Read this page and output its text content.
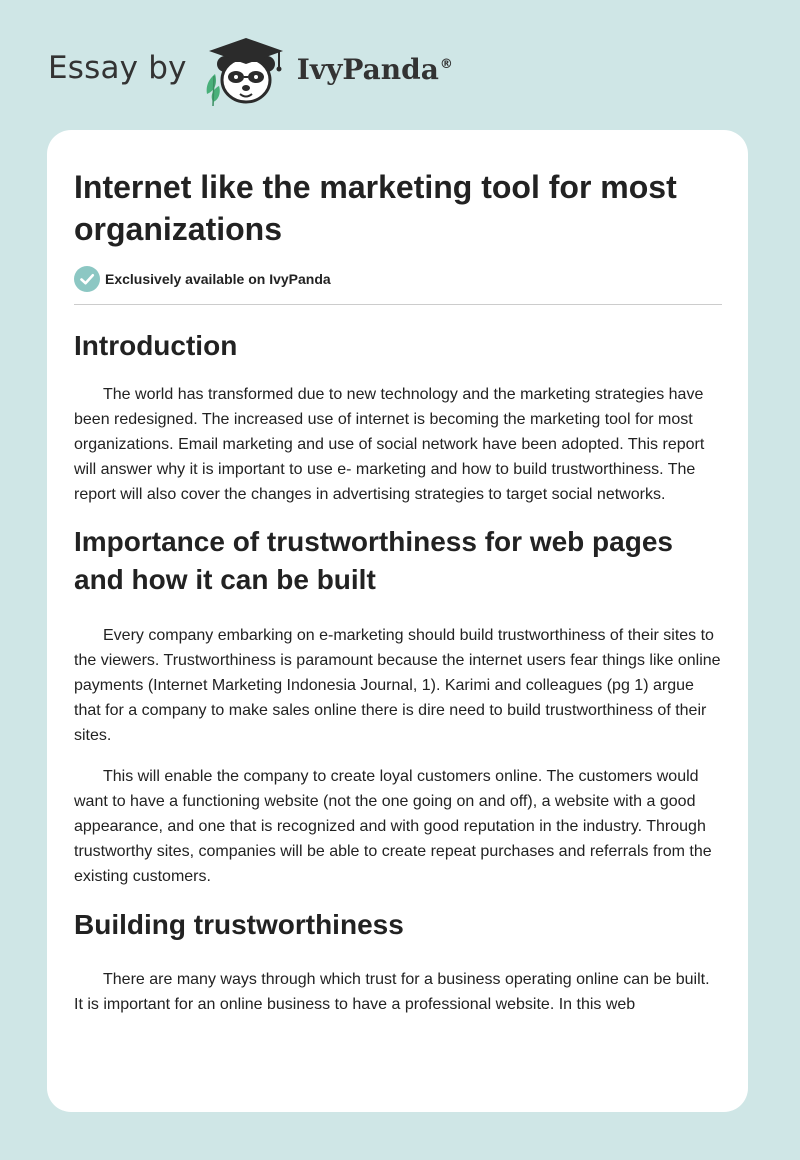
Essay by	IvyPanda®
Internet like the marketing tool for most organizations
Exclusively available on IvyPanda
Introduction

The world has transformed due to new technology and the marketing strategies have been redesigned. The increased use of internet is becoming the marketing tool for most organizations. Email marketing and use of social network have been adopted. This report will answer why it is important to use e- marketing and how to build trustworthiness. The report will also cover the changes in advertising strategies to target social networks.

Importance of trustworthiness for web pages and how it can be built

Every company embarking on e-marketing should build trustworthiness of their sites to the viewers. Trustworthiness is paramount because the internet users fear things like online payments (Internet Marketing Indonesia Journal, 1). Karimi and colleagues (pg 1) argue that for a company to make sales online there is dire need to build trustworthiness of their sites.

This will enable the company to create loyal customers online. The customers would want to have a functioning website (not the one going on and off), a website with a good appearance, and one that is recognized and with good reputation in the industry. Through trustworthy sites, companies will be able to create repeat purchases and referrals from the existing customers.

Building trustworthiness

There are many ways through which trust for a business operating online can be built. It is important for an online business to have a professional website. In this web
